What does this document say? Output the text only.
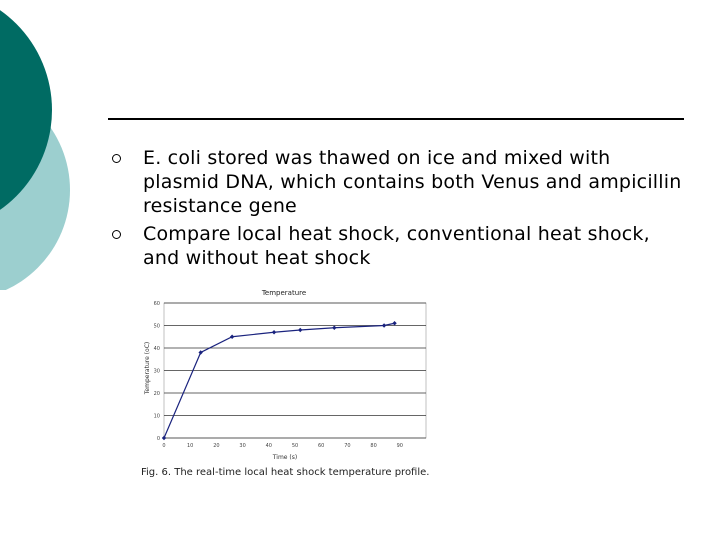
E. coli stored was thawed on ice and mixed with plasmid DNA, which contains both Venus and ampicillin resistance gene
Compare local heat shock, conventional heat shock, and without heat shock
Temperature
0
10
20
30
40
50
60
0	10	20	30	40	50	60	70	80	90
Temperature (oC)
Time (s)
Fig. 6. The real-time local heat shock temperature profile.
